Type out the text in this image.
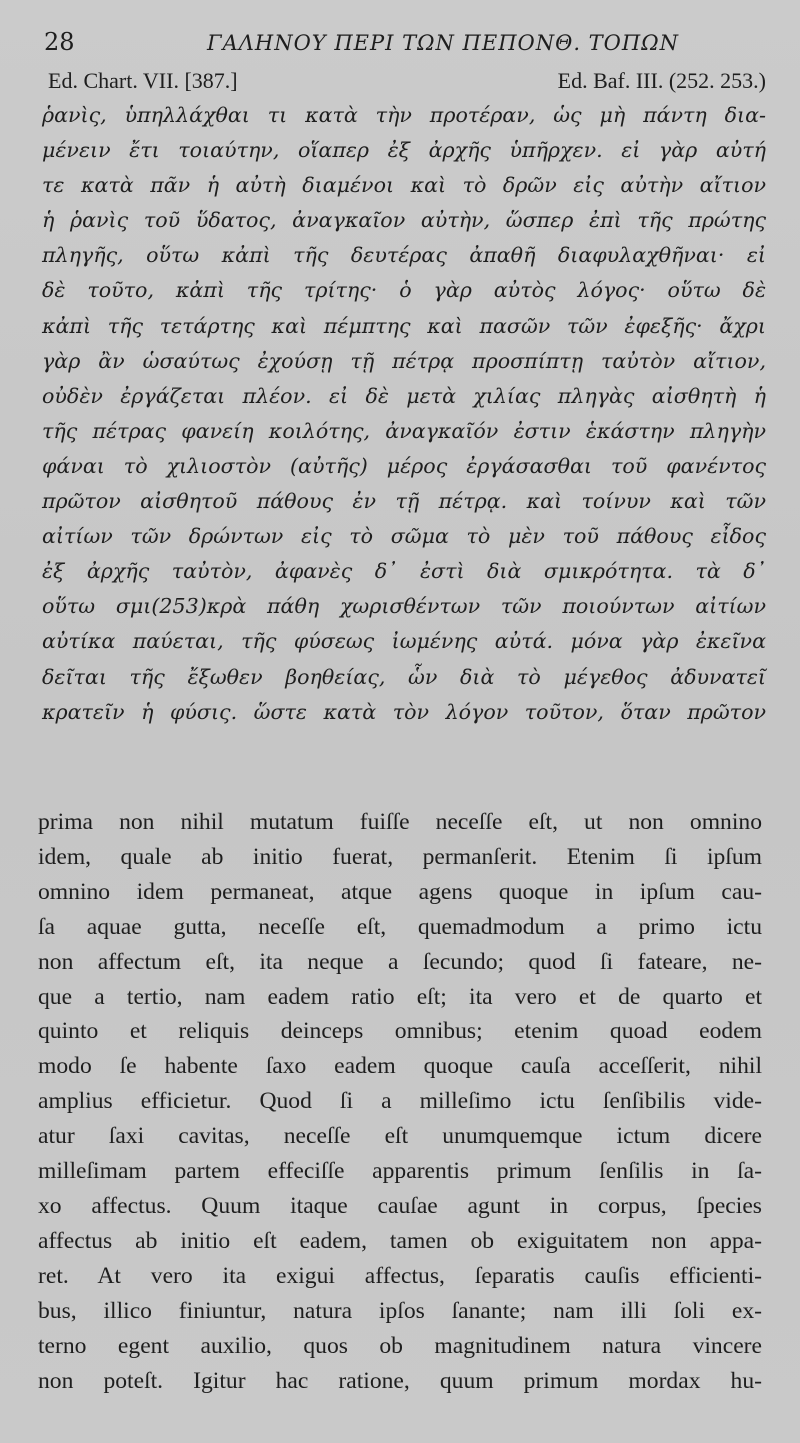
28	ΓΑΛΗΝΟΥ ΠΕΡΙ ΤΩΝ ΠΕΠΟΝΘ. ΤΟΠΩΝ
Ed. Chart. VII. [387.]	Ed. Baf. III. (252. 253.)

ῥανὶς, ὑπηλλάχθαι τι κατὰ τὴν προτέραν, ὡς μὴ πάντη δια-
μένειν ἔτι τοιαύτην, οἵαπερ ἐξ ἀρχῆς ὑπῆρχεν. εἰ γὰρ αὐτή
τε κατὰ πᾶν ἡ αὐτὴ διαμένοι καὶ τὸ δρῶν εἰς αὐτὴν αἴτιον
ἡ ῥανὶς τοῦ ὕδατος, ἀναγκαῖον αὐτὴν, ὥσπερ ἐπὶ τῆς πρώτης
πληγῆς, οὕτω κἀπὶ τῆς δευτέρας ἀπαθῆ διαφυλαχθῆναι· εἰ
δὲ τοῦτο, κἀπὶ τῆς τρίτης· ὁ γὰρ αὐτὸς λόγος· οὕτω δὲ
κἀπὶ τῆς τετάρτης καὶ πέμπτης καὶ πασῶν τῶν ἐφεξῆς· ἄχρι
γὰρ ἂν ὡσαύτως ἐχούσῃ τῇ πέτρᾳ προσπίπτῃ ταὐτὸν αἴτιον,
οὐδὲν ἐργάζεται πλέον. εἰ δὲ μετὰ χιλίας πληγὰς αἰσθητὴ ἡ
τῆς πέτρας φανείη κοιλότης, ἀναγκαῖόν ἐστιν ἑκάστην πληγὴν
φάναι τὸ χιλιοστὸν (αὐτῆς) μέρος ἐργάσασθαι τοῦ φανέντος
πρῶτον αἰσθητοῦ πάθους ἐν τῇ πέτρᾳ. καὶ τοίνυν καὶ τῶν
αἰτίων τῶν δρώντων εἰς τὸ σῶμα τὸ μὲν τοῦ πάθους εἶδος
ἐξ ἀρχῆς ταὐτὸν, ἀφανὲς δ᾽ ἐστὶ διὰ σμικρότητα. τὰ δ᾽
οὕτω σμι(253)κρὰ πάθη χωρισθέντων τῶν ποιούντων αἰτίων
αὐτίκα παύεται, τῆς φύσεως ἰωμένης αὐτά. μόνα γὰρ ἐκεῖνα
δεῖται τῆς ἔξωθεν βοηθείας, ὧν διὰ τὸ μέγεθος ἀδυνατεῖ
κρατεῖν ἡ φύσις. ὥστε κατὰ τὸν λόγον τοῦτον, ὅταν πρῶτον

prima non nihil mutatum fuiſſe neceſſe eſt, ut non omnino
idem, quale ab initio fuerat, permanſerit. Etenim ſi ipſum
omnino idem permaneat, atque agens quoque in ipſum cau-
ſa aquae gutta, neceſſe eſt, quemadmodum a primo ictu
non affectum eſt, ita neque a ſecundo; quod ſi fateare, ne-
que a tertio, nam eadem ratio eſt; ita vero et de quarto et
quinto et reliquis deinceps omnibus; etenim quoad eodem
modo ſe habente ſaxo eadem quoque cauſa acceſſerit, nihil
amplius efficietur. Quod ſi a milleſimo ictu ſenſibilis vide-
atur ſaxi cavitas, neceſſe eſt unumquemque ictum dicere
milleſimam partem effeciſſe apparentis primum ſenſilis in ſa-
xo affectus. Quum itaque cauſae agunt in corpus, ſpecies
affectus ab initio eſt eadem, tamen ob exiguitatem non appa-
ret. At vero ita exigui affectus, ſeparatis cauſis efficienti-
bus, illico finiuntur, natura ipſos ſanante; nam illi ſoli ex-
terno egent auxilio, quos ob magnitudinem natura vincere
non poteſt. Igitur hac ratione, quum primum mordax hu-
